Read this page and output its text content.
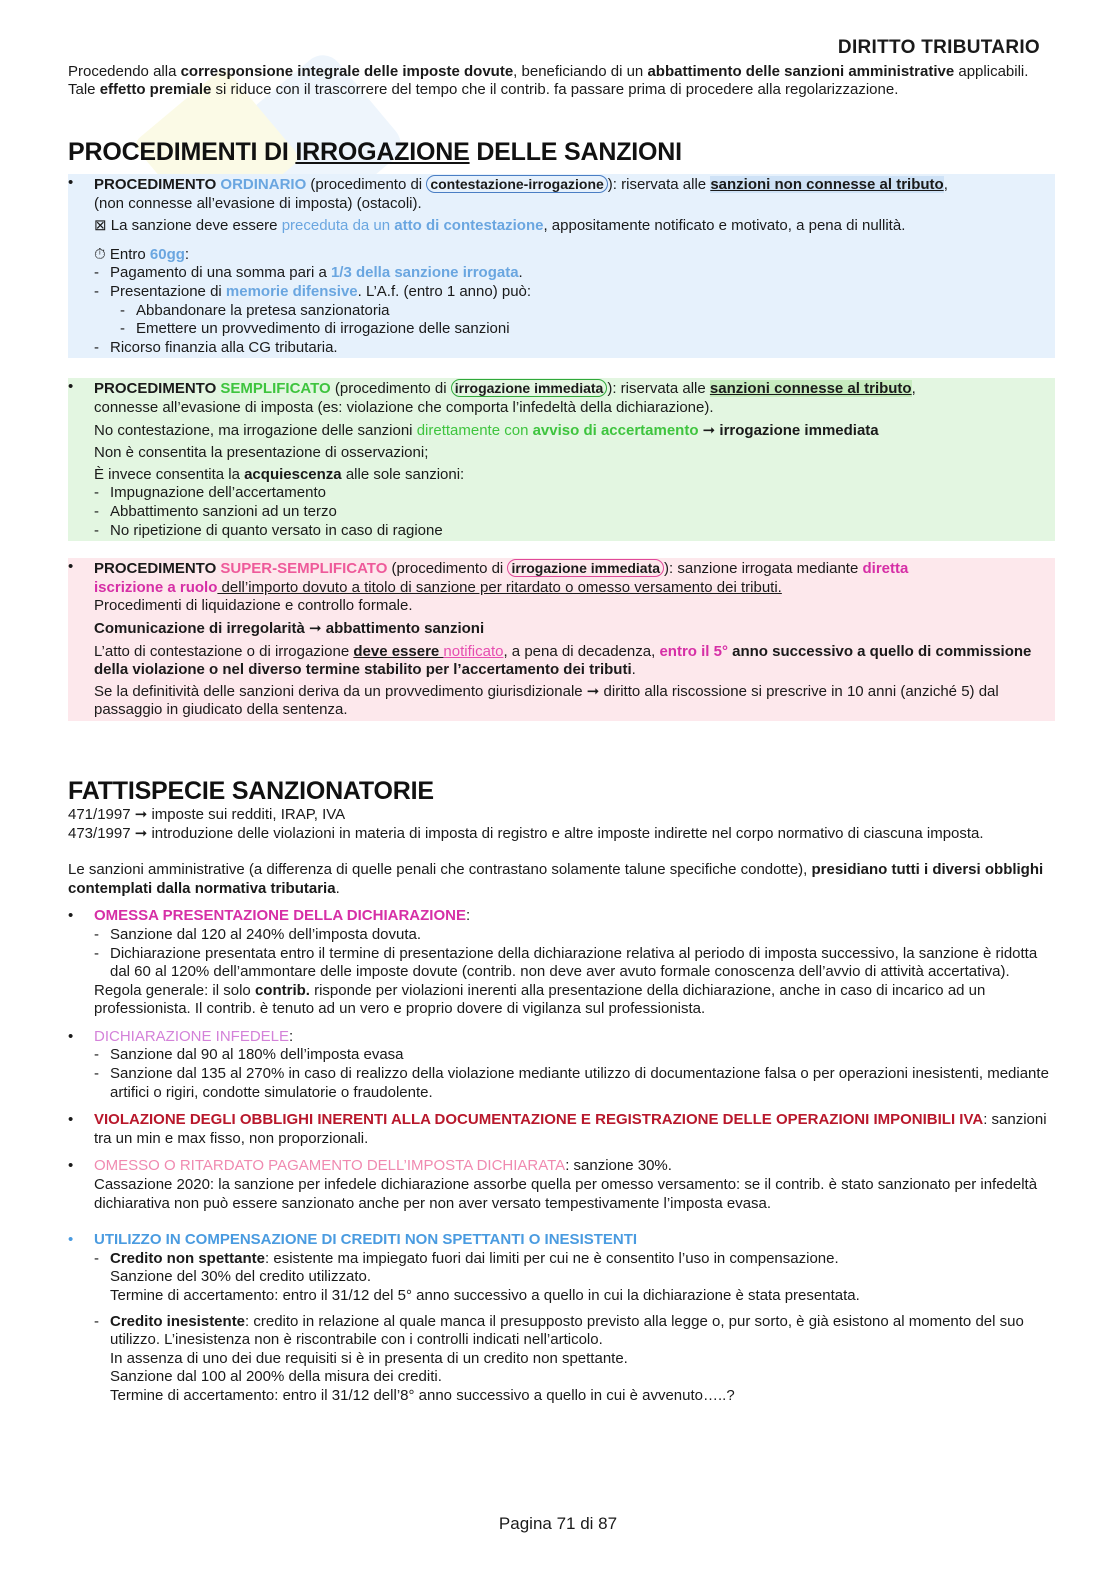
DIRITTO TRIBUTARIO

Procedendo alla corresponsione integrale delle imposte dovute, beneficiando di un abbattimento delle sanzioni amministrative applicabili.

Tale effetto premiale si riduce con il trascorrere del tempo che il contrib. fa passare prima di procedere alla regolarizzazione.

PROCEDIMENTI DI IRROGAZIONE DELLE SANZIONI
• PROCEDIMENTO ORDINARIO (procedimento di contestazione-irrogazione ): riservata alle sanzioni non connesse al tributo,
(non connesse all’evasione di imposta) (ostacoli).
⊠ La sanzione deve essere preceduta da un atto di contestazione, appositamente notificato e motivato, a pena di nullità.
⏱ Entro 60gg:
- Pagamento di una somma pari a 1/3 della sanzione irrogata.
- Presentazione di memorie difensive. L’A.f. (entro 1 anno) può:
- Abbandonare la pretesa sanzionatoria
- Emettere un provvedimento di irrogazione delle sanzioni
- Ricorso finanzia alla CG tributaria.
• PROCEDIMENTO SEMPLIFICATO (procedimento di irrogazione immediata ): riservata alle sanzioni connesse al tributo,
connesse all’evasione di imposta (es: violazione che comporta l’infedeltà della dichiarazione).
No contestazione, ma irrogazione delle sanzioni direttamente con avviso di accertamento ➞ irrogazione immediata
Non è consentita la presentazione di osservazioni;
È invece consentita la acquiescenza alle sole sanzioni:
- Impugnazione dell’accertamento
- Abbattimento sanzioni ad un terzo
- No ripetizione di quanto versato in caso di ragione
• PROCEDIMENTO SUPER-SEMPLIFICATO (procedimento di irrogazione immediata ): sanzione irrogata mediante diretta
iscrizione a ruolo dell’importo dovuto a titolo di sanzione per ritardato o omesso versamento dei tributi.
Procedimenti di liquidazione e controllo formale.
Comunicazione di irregolarità ➞ abbattimento sanzioni
L’atto di contestazione o di irrogazione deve essere notificato, a pena di decadenza, entro il 5° anno successivo a quello di commissione della violazione o nel diverso termine stabilito per l’accertamento dei tributi.
Se la definitività delle sanzioni deriva da un provvedimento giurisdizionale ➞ diritto alla riscossione si prescrive in 10 anni (anziché 5) dal passaggio in giudicato della sentenza.
FATTISPECIE SANZIONATORIE

471/1997 ➞ imposte sui redditi, IRAP, IVA

473/1997 ➞ introduzione delle violazioni in materia di imposta di registro e altre imposte indirette nel corpo normativo di ciascuna imposta.

Le sanzioni amministrative (a differenza di quelle penali che contrastano solamente talune specifiche condotte), presidiano tutti i diversi obblighi contemplati dalla normativa tributaria.

• OMESSA PRESENTAZIONE DELLA DICHIARAZIONE:
- Sanzione dal 120 al 240% dell’imposta dovuta.
- Dichiarazione presentata entro il termine di presentazione della dichiarazione relativa al periodo di imposta successivo, la sanzione è ridotta dal 60 al 120% dell’ammontare delle imposte dovute (contrib. non deve aver avuto formale conoscenza dell’avvio di attività accertativa).
Regola generale: il solo contrib. risponde per violazioni inerenti alla presentazione della dichiarazione, anche in caso di incarico ad un professionista. Il contrib. è tenuto ad un vero e proprio dovere di vigilanza sul professionista.
• DICHIARAZIONE INFEDELE:
- Sanzione dal 90 al 180% dell’imposta evasa
- Sanzione dal 135 al 270% in caso di realizzo della violazione mediante utilizzo di documentazione falsa o per operazioni inesistenti, mediante artifici o rigiri, condotte simulatorie o fraudolente.
• VIOLAZIONE DEGLI OBBLIGHI INERENTI ALLA DOCUMENTAZIONE E REGISTRAZIONE DELLE OPERAZIONI IMPONIBILI IVA: sanzioni tra un min e max fisso, non proporzionali.
• OMESSO O RITARDATO PAGAMENTO DELL’IMPOSTA DICHIARATA: sanzione 30%.
Cassazione 2020: la sanzione per infedele dichiarazione assorbe quella per omesso versamento: se il contrib. è stato sanzionato per infedeltà dichiarativa non può essere sanzionato anche per non aver versato tempestivamente l’imposta evasa.
• UTILIZZO IN COMPENSAZIONE DI CREDITI NON SPETTANTI O INESISTENTI
- Credito non spettante: esistente ma impiegato fuori dai limiti per cui ne è consentito l’uso in compensazione.
Sanzione del 30% del credito utilizzato.
Termine di accertamento: entro il 31/12 del 5° anno successivo a quello in cui la dichiarazione è stata presentata.
- Credito inesistente: credito in relazione al quale manca il presupposto previsto alla legge o, pur sorto, è già esistono al momento del suo utilizzo. L’inesistenza non è riscontrabile con i controlli indicati nell’articolo.
In assenza di uno dei due requisiti si è in presenta di un credito non spettante.
Sanzione dal 100 al 200% della misura dei crediti.
Termine di accertamento: entro il 31/12 dell’8° anno successivo a quello in cui è avvenuto…..?
Pagina 71 di 87
